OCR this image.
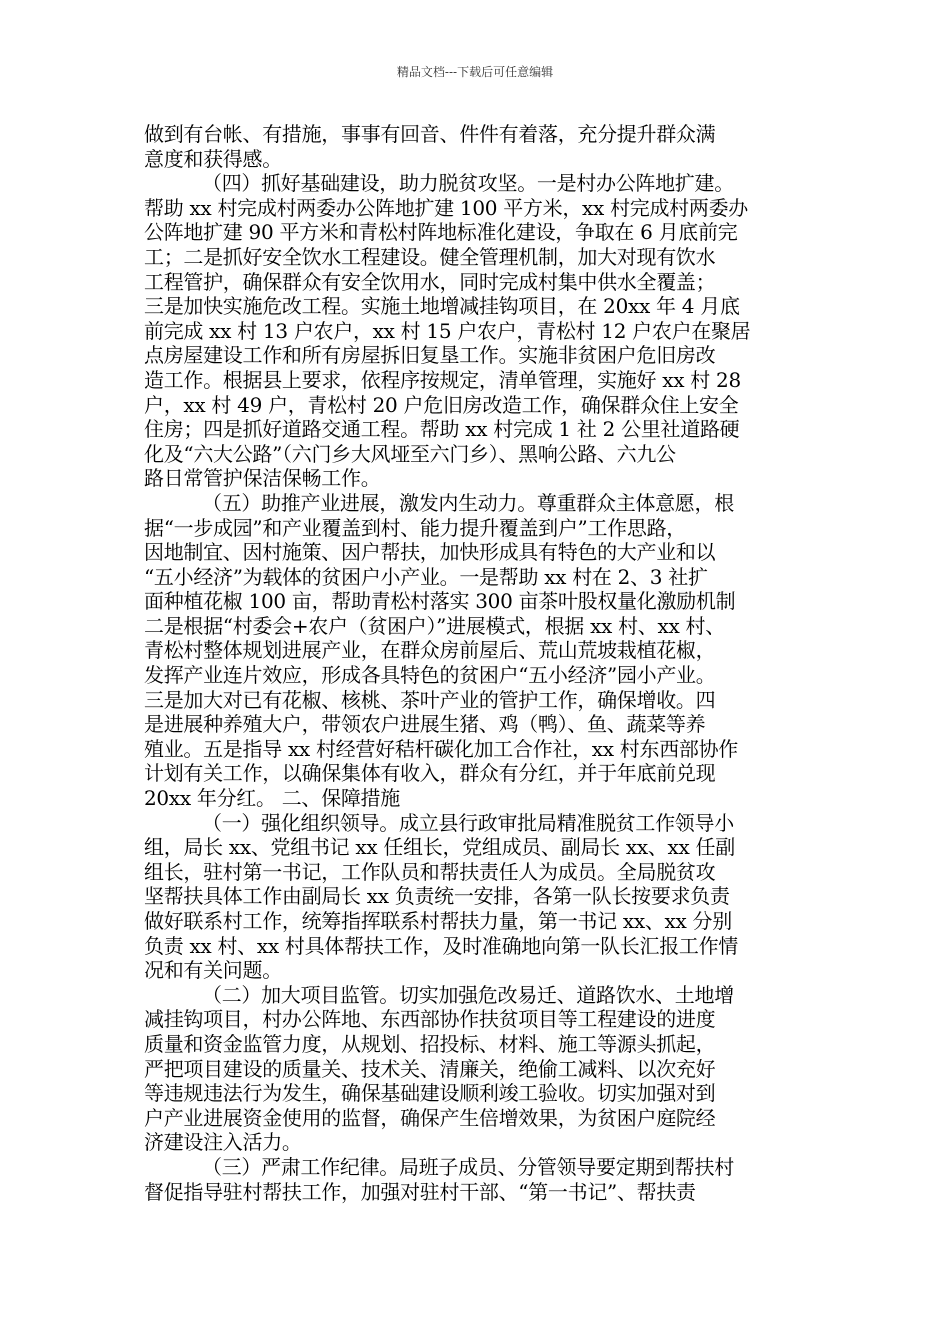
精品文档---下载后可任意编辑
做到有台帐、有措施，事事有回音、件件有着落，充分提升群众满
意度和获得感。
（四）抓好基础建设，助力脱贫攻坚。一是村办公阵地扩建。
帮助 xx 村完成村两委办公阵地扩建 100 平方米，xx 村完成村两委办
公阵地扩建 90 平方米和青松村阵地标准化建设，争取在 6 月底前完
工；二是抓好安全饮水工程建设。健全管理机制，加大对现有饮水
工程管护，确保群众有安全饮用水，同时完成村集中供水全覆盖；
三是加快实施危改工程。实施土地增减挂钩项目，在 20xx 年 4 月底
前完成 xx 村 13 户农户，xx 村 15 户农户，青松村 12 户农户在聚居
点房屋建设工作和所有房屋拆旧复垦工作。实施非贫困户危旧房改
造工作。根据县上要求，依程序按规定，清单管理，实施好 xx 村 28
户，xx 村 49 户，青松村 20 户危旧房改造工作，确保群众住上安全
住房；四是抓好道路交通工程。帮助 xx 村完成 1 社 2 公里社道路硬
化及“六大公路”（六门乡大风垭至六门乡）、黑响公路、六九公
路日常管护保洁保畅工作。
（五）助推产业进展，激发内生动力。尊重群众主体意愿，根
据“一步成园”和产业覆盖到村、能力提升覆盖到户”工作思路，
因地制宜、因村施策、因户帮扶，加快形成具有特色的大产业和以
“五小经济”为载体的贫困户小产业。一是帮助 xx 村在 2、3 社扩
面种植花椒 100 亩，帮助青松村落实 300 亩茶叶股权量化激励机制
二是根据“村委会+农户（贫困户）”进展模式，根据 xx 村、xx 村、
青松村整体规划进展产业，在群众房前屋后、荒山荒坡栽植花椒，
发挥产业连片效应，形成各具特色的贫困户“五小经济”园小产业。
三是加大对已有花椒、核桃、茶叶产业的管护工作，确保增收。四
是进展种养殖大户，带领农户进展生猪、鸡（鸭）、鱼、蔬菜等养
殖业。五是指导 xx 村经营好秸杆碳化加工合作社，xx 村东西部协作
计划有关工作，以确保集体有收入，群众有分红，并于年底前兑现
20xx 年分红。 二、保障措施
（一）强化组织领导。成立县行政审批局精准脱贫工作领导小
组，局长 xx、党组书记 xx 任组长，党组成员、副局长 xx、xx 任副
组长，驻村第一书记，工作队员和帮扶责任人为成员。全局脱贫攻
坚帮扶具体工作由副局长 xx 负责统一安排，各第一队长按要求负责
做好联系村工作，统筹指挥联系村帮扶力量，第一书记 xx、xx 分别
负责 xx 村、xx 村具体帮扶工作，及时准确地向第一队长汇报工作情
况和有关问题。
（二）加大项目监管。切实加强危改易迁、道路饮水、土地增
减挂钩项目，村办公阵地、东西部协作扶贫项目等工程建设的进度
质量和资金监管力度，从规划、招投标、材料、施工等源头抓起，
严把项目建设的质量关、技术关、清廉关，绝偷工减料、以次充好
等违规违法行为发生，确保基础建设顺利竣工验收。切实加强对到
户产业进展资金使用的监督，确保产生倍增效果，为贫困户庭院经
济建设注入活力。
（三）严肃工作纪律。局班子成员、分管领导要定期到帮扶村
督促指导驻村帮扶工作，加强对驻村干部、“第一书记”、帮扶责
